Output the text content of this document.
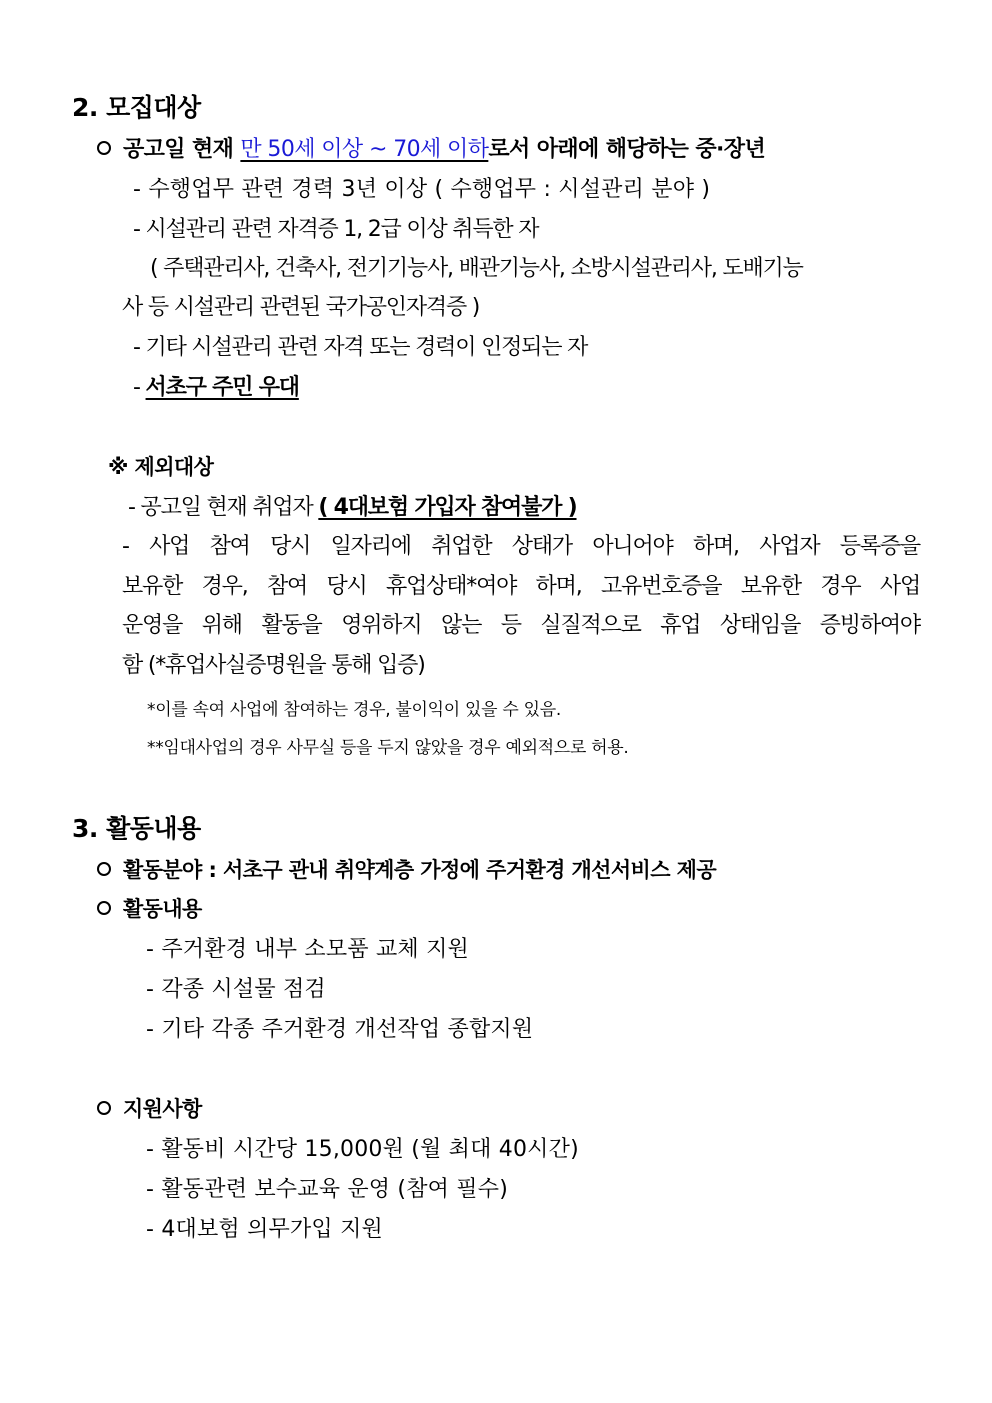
2. 모집대상
공고일 현재 만 50세 이상 ~ 70세 이하로서 아래에 해당하는 중·장년
- 수행업무 관련 경력 3년 이상 ( 수행업무 : 시설관리 분야 )
- 시설관리 관련 자격증 1, 2급 이상 취득한 자
( 주택관리사, 건축사, 전기기능사, 배관기능사, 소방시설관리사, 도배기능
사 등 시설관리 관련된 국가공인자격증 )
- 기타 시설관리 관련 자격 또는 경력이 인정되는 자
- 서초구 주민 우대
※ 제외대상
- 공고일 현재 취업자 ( 4대보험 가입자 참여불가 )
- 사업 참여 당시 일자리에 취업한 상태가 아니어야 하며, 사업자 등록증을
보유한 경우, 참여 당시 휴업상태*여야 하며, 고유번호증을 보유한 경우 사업
운영을 위해 활동을 영위하지 않는 등 실질적으로 휴업 상태임을 증빙하여야
함 (*휴업사실증명원을 통해 입증)
*이를 속여 사업에 참여하는 경우, 불이익이 있을 수 있음.
**임대사업의 경우 사무실 등을 두지 않았을 경우 예외적으로 허용.
3. 활동내용
활동분야 : 서초구 관내 취약계층 가정에 주거환경 개선서비스 제공
활동내용
- 주거환경 내부 소모품 교체 지원
- 각종 시설물 점검
- 기타 각종 주거환경 개선작업 종합지원
지원사항
- 활동비 시간당 15,000원 (월 최대 40시간)
- 활동관련 보수교육 운영 (참여 필수)
- 4대보험 의무가입 지원
